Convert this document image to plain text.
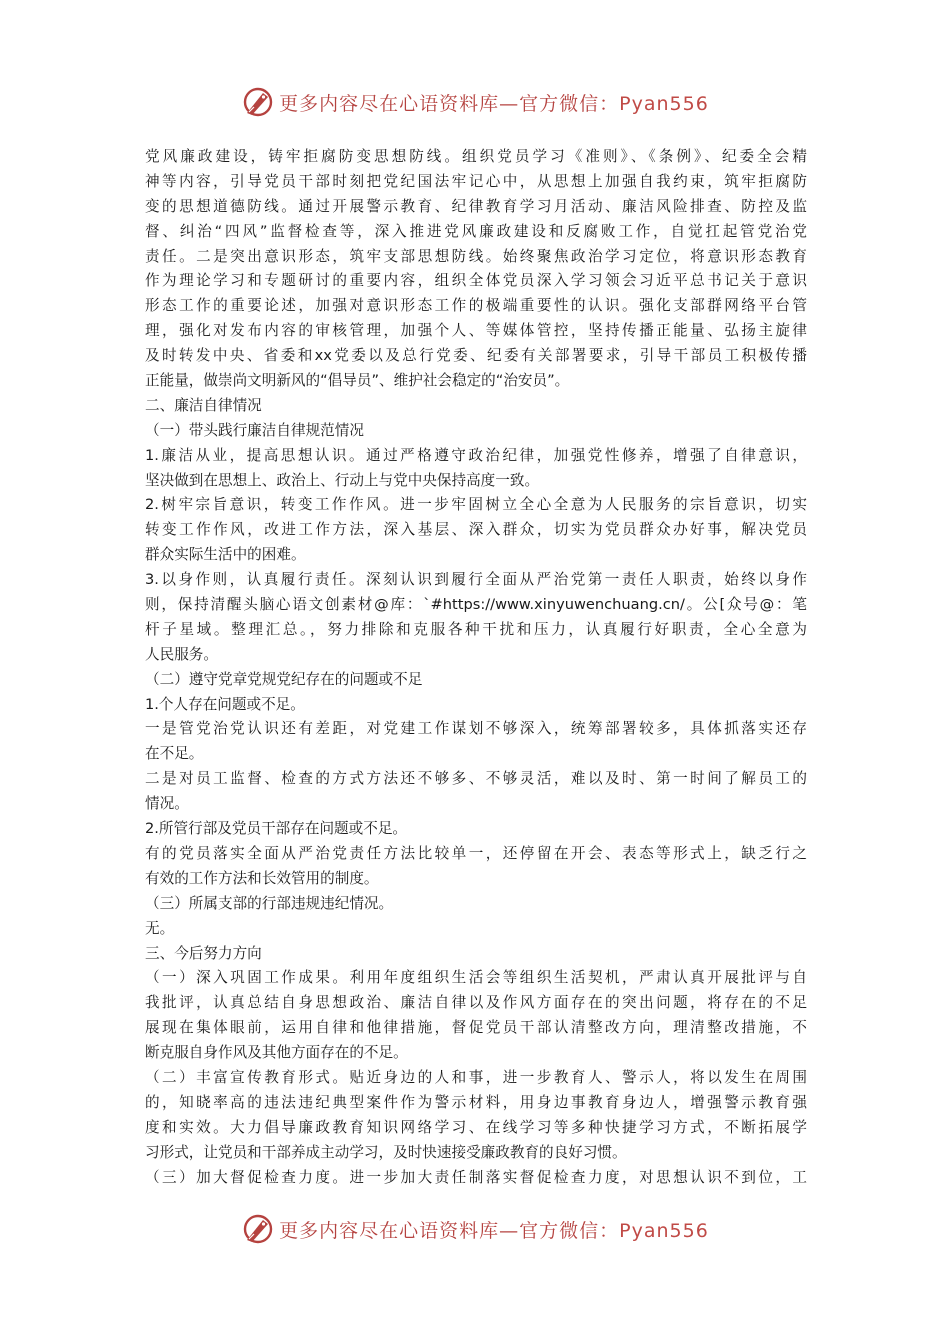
更多内容尽在心语资料库—官方微信：Pyan556
党风廉政建设，铸牢拒腐防变思想防线。组织党员学习《准则》、《条例》、纪委全会精
神等内容，引导党员干部时刻把党纪国法牢记心中，从思想上加强自我约束，筑牢拒腐防
变的思想道德防线。通过开展警示教育、纪律教育学习月活动、廉洁风险排查、防控及监
督、纠治“四风”监督检查等，深入推进党风廉政建设和反腐败工作，自觉扛起管党治党
责任。二是突出意识形态，筑牢支部思想防线。始终聚焦政治学习定位，将意识形态教育
作为理论学习和专题研讨的重要内容，组织全体党员深入学习领会习近平总书记关于意识
形态工作的重要论述，加强对意识形态工作的极端重要性的认识。强化支部群网络平台管
理，强化对发布内容的审核管理，加强个人、等媒体管控，坚持传播正能量、弘扬主旋律
及时转发中央、省委和xx党委以及总行党委、纪委有关部署要求，引导干部员工积极传播
正能量，做崇尚文明新风的“倡导员”、维护社会稳定的“治安员”。
二、廉洁自律情况
（一）带头践行廉洁自律规范情况
1.廉洁从业，提高思想认识。通过严格遵守政治纪律，加强党性修养，增强了自律意识，
坚决做到在思想上、政治上、行动上与党中央保持高度一致。
2.树牢宗旨意识，转变工作作风。进一步牢固树立全心全意为人民服务的宗旨意识，切实
转变工作作风，改进工作方法，深入基层、深入群众，切实为党员群众办好事，解决党员
群众实际生活中的困难。
3.以身作则，认真履行责任。深刻认识到履行全面从严治党第一责任人职责，始终以身作
则，保持清醒头脑心语文创素材@库：`#https://www.xinyuwenchuang.cn/。公[众号@：笔
杆子星域。整理汇总。，努力排除和克服各种干扰和压力，认真履行好职责，全心全意为
人民服务。
（二）遵守党章党规党纪存在的问题或不足
1.个人存在问题或不足。
一是管党治党认识还有差距，对党建工作谋划不够深入，统筹部署较多，具体抓落实还存
在不足。
二是对员工监督、检查的方式方法还不够多、不够灵活，难以及时、第一时间了解员工的
情况。
2.所管行部及党员干部存在问题或不足。
有的党员落实全面从严治党责任方法比较单一，还停留在开会、表态等形式上，缺乏行之
有效的工作方法和长效管用的制度。
（三）所属支部的行部违规违纪情况。
无。
三、今后努力方向
（一）深入巩固工作成果。利用年度组织生活会等组织生活契机，严肃认真开展批评与自
我批评，认真总结自身思想政治、廉洁自律以及作风方面存在的突出问题，将存在的不足
展现在集体眼前，运用自律和他律措施，督促党员干部认清整改方向，理清整改措施，不
断克服自身作风及其他方面存在的不足。
（二）丰富宣传教育形式。贴近身边的人和事，进一步教育人、警示人，将以发生在周围
的，知晓率高的违法违纪典型案件作为警示材料，用身边事教育身边人，增强警示教育强
度和实效。大力倡导廉政教育知识网络学习、在线学习等多种快捷学习方式，不断拓展学
习形式，让党员和干部养成主动学习，及时快速接受廉政教育的良好习惯。
（三）加大督促检查力度。进一步加大责任制落实督促检查力度，对思想认识不到位，工
更多内容尽在心语资料库—官方微信：Pyan556
